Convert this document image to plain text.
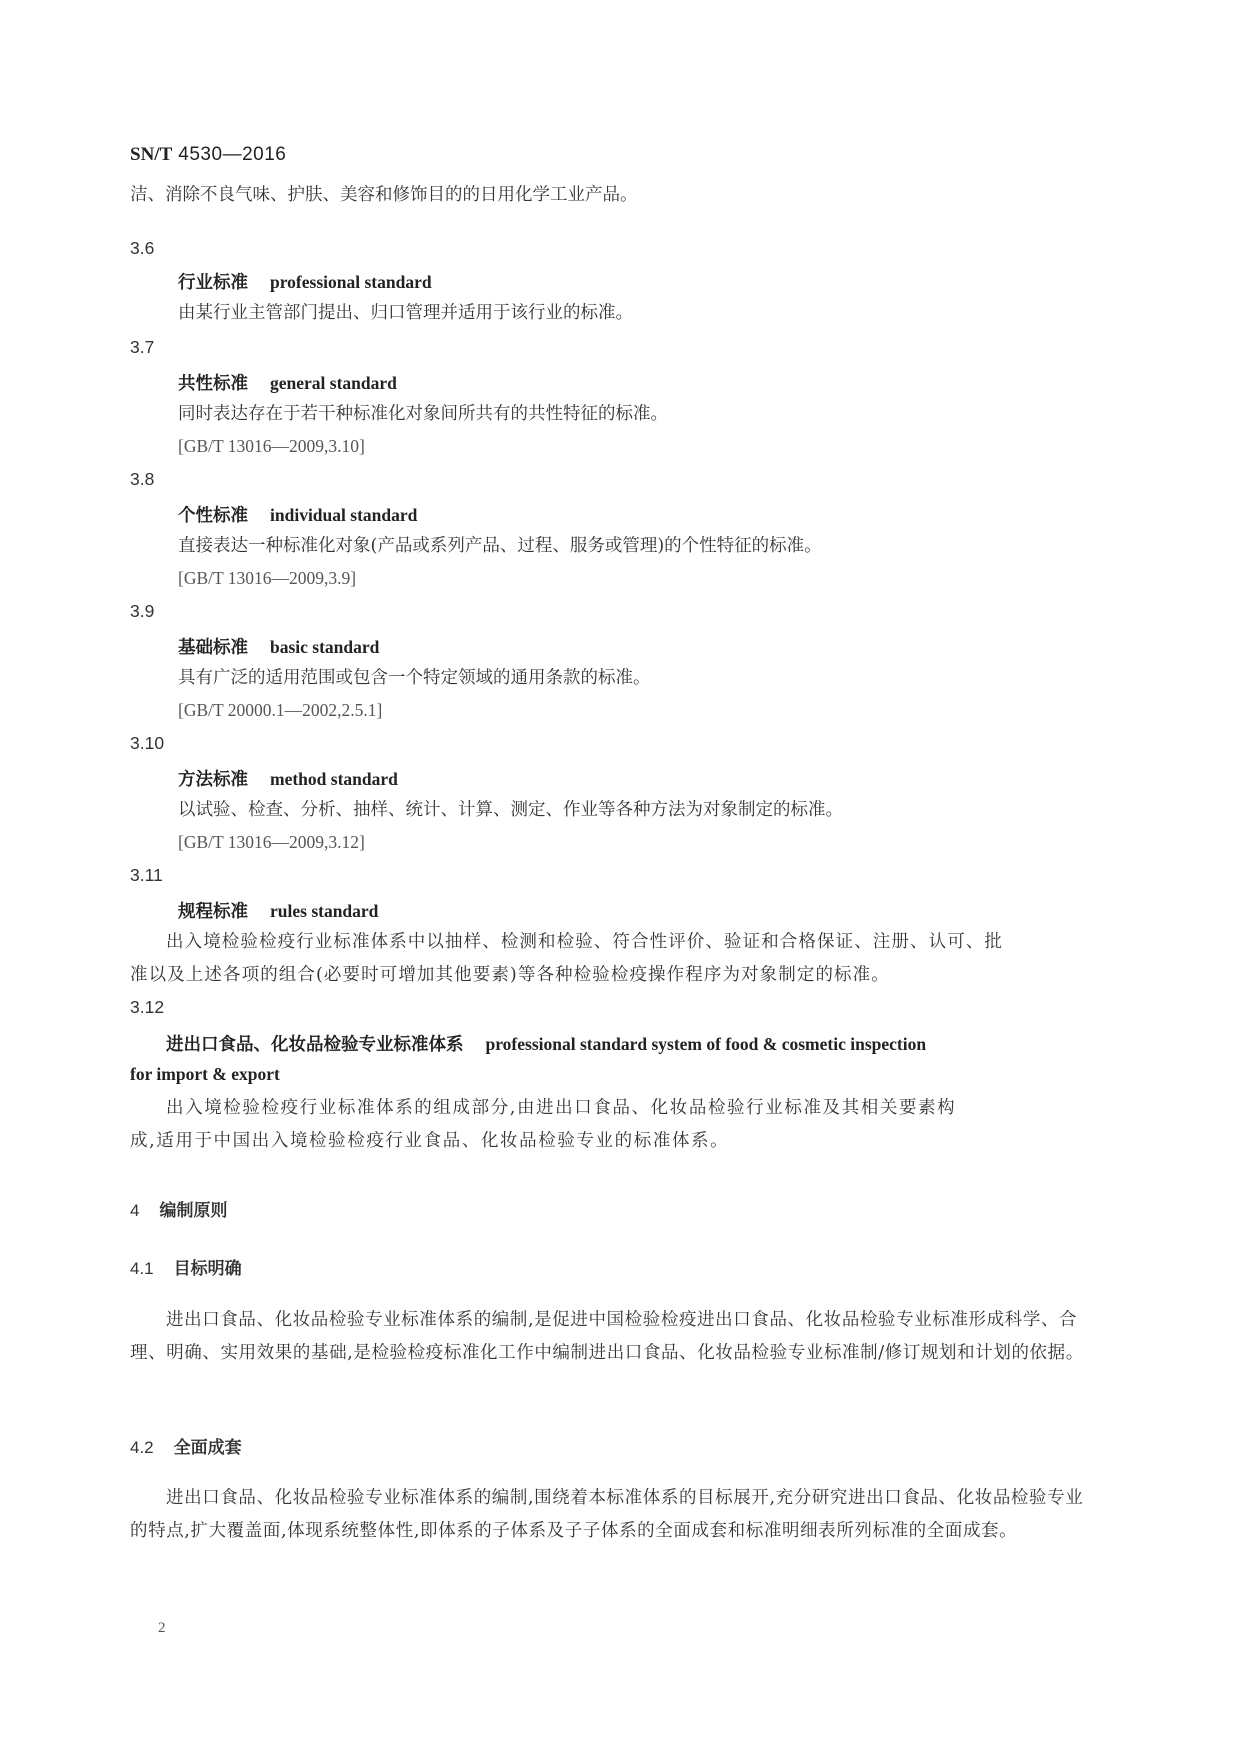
SN/T 4530—2016
洁、消除不良气味、护肤、美容和修饰目的的日用化学工业产品。
3.6
行业标准 professional standard
由某行业主管部门提出、归口管理并适用于该行业的标准。
3.7
共性标准 general standard
同时表达存在于若干种标准化对象间所共有的共性特征的标准。
[GB/T 13016—2009,3.10]
3.8
个性标准 individual standard
直接表达一种标准化对象(产品或系列产品、过程、服务或管理)的个性特征的标准。
[GB/T 13016—2009,3.9]
3.9
基础标准 basic standard
具有广泛的适用范围或包含一个特定领域的通用条款的标准。
[GB/T 20000.1—2002,2.5.1]
3.10
方法标准 method standard
以试验、检查、分析、抽样、统计、计算、测定、作业等各种方法为对象制定的标准。
[GB/T 13016—2009,3.12]
3.11
规程标准 rules standard
出入境检验检疫行业标准体系中以抽样、检测和检验、符合性评价、验证和合格保证、注册、认可、批
准以及上述各项的组合(必要时可增加其他要素)等各种检验检疫操作程序为对象制定的标准。
3.12
进出口食品、化妆品检验专业标准体系 professional standard system of food & cosmetic inspection
for import & export
出入境检验检疫行业标准体系的组成部分,由进出口食品、化妆品检验行业标准及其相关要素构
成,适用于中国出入境检验检疫行业食品、化妆品检验专业的标准体系。
4 编制原则
4.1 目标明确
进出口食品、化妆品检验专业标准体系的编制,是促进中国检验检疫进出口食品、化妆品检验专业标准形成科学、合理、明确、实用效果的基础,是检验检疫标准化工作中编制进出口食品、化妆品检验专业标准制/修订规划和计划的依据。
4.2 全面成套
进出口食品、化妆品检验专业标准体系的编制,围绕着本标准体系的目标展开,充分研究进出口食品、化妆品检验专业的特点,扩大覆盖面,体现系统整体性,即体系的子体系及子子体系的全面成套和标准明细表所列标准的全面成套。
2
